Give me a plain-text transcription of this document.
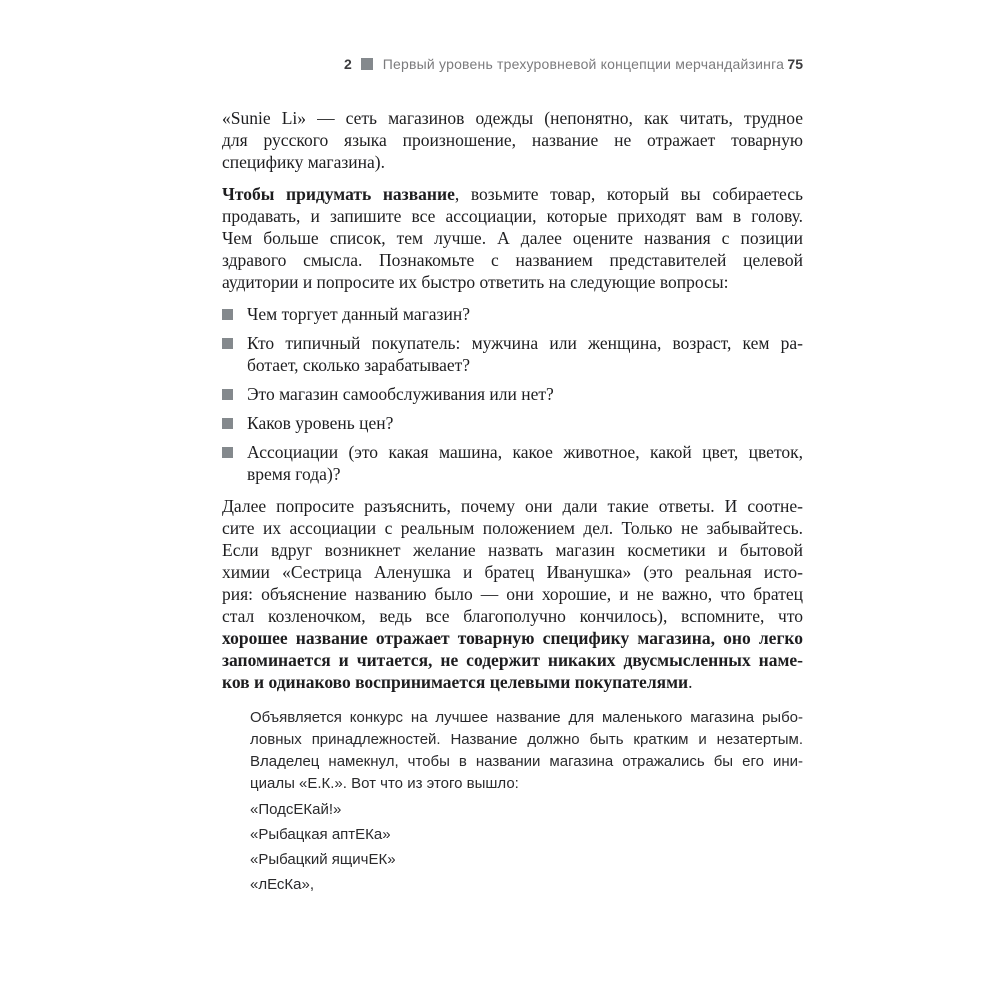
2 Первый уровень трехуровневой концепции мерчандайзинга 75
«Sunie Li» — сеть магазинов одежды (непонятно, как читать, трудное
для русского языка произношение, название не отражает товарную
специфику магазина).
Чтобы придумать название, возьмите товар, который вы собираетесь
продавать, и запишите все ассоциации, которые приходят вам в голову.
Чем больше список, тем лучше. А далее оцените названия с позиции
здравого смысла. Познакомьте с названием представителей целевой
аудитории и попросите их быстро ответить на следующие вопросы:
Чем торгует данный магазин?
Кто типичный покупатель: мужчина или женщина, возраст, кем ра-
ботает, сколько зарабатывает?
Это магазин самообслуживания или нет?
Каков уровень цен?
Ассоциации (это какая машина, какое животное, какой цвет, цветок,
время года)?
Далее попросите разъяснить, почему они дали такие ответы. И соотне-
сите их ассоциации с реальным положением дел. Только не забывайтесь.
Если вдруг возникнет желание назвать магазин косметики и бытовой
химии «Сестрица Аленушка и братец Иванушка» (это реальная исто-
рия: объяснение названию было — они хорошие, и не важно, что братец
стал козленочком, ведь все благополучно кончилось), вспомните, что
хорошее название отражает товарную специфику магазина, оно легко
запоминается и читается, не содержит никаких двусмысленных наме-
ков и одинаково воспринимается целевыми покупателями.
Объявляется конкурс на лучшее название для маленького магазина рыбо-
ловных принадлежностей. Название должно быть кратким и незатертым.
Владелец намекнул, чтобы в названии магазина отражались бы его ини-
циалы «Е.К.». Вот что из этого вышло:
«ПодсЕКай!»
«Рыбацкая аптЕКа»
«Рыбацкий ящичЕК»
«лЕсКа»,
